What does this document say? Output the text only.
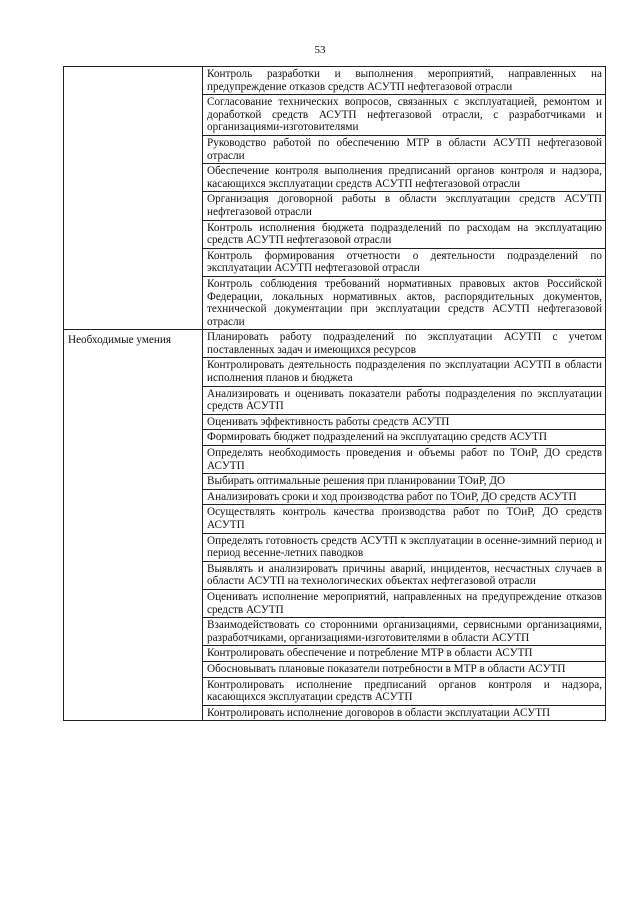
53
	Контроль разработки и выполнения мероприятий, направленных на предупреждение отказов средств АСУТП нефтегазовой отрасли
	Согласование технических вопросов, связанных с эксплуатацией, ремонтом и доработкой средств АСУТП нефтегазовой отрасли, с разработчиками и организациями-изготовителями
	Руководство работой по обеспечению МТР в области АСУТП нефтегазовой отрасли
	Обеспечение контроля выполнения предписаний органов контроля и надзора, касающихся эксплуатации средств АСУТП нефтегазовой отрасли
	Организация договорной работы в области эксплуатации средств АСУТП нефтегазовой отрасли
	Контроль исполнения бюджета подразделений по расходам на эксплуатацию средств АСУТП нефтегазовой отрасли
	Контроль формирования отчетности о деятельности подразделений по эксплуатации АСУТП нефтегазовой отрасли
	Контроль соблюдения требований нормативных правовых актов Российской Федерации, локальных нормативных актов, распорядительных документов, технической документации при эксплуатации средств АСУТП нефтегазовой отрасли

Необходимые умения	Планировать работу подразделений по эксплуатации АСУТП с учетом поставленных задач и имеющихся ресурсов
	Контролировать деятельность подразделения по эксплуатации АСУТП в области исполнения планов и бюджета
	Анализировать и оценивать показатели работы подразделения по эксплуатации средств АСУТП
	Оценивать эффективность работы средств АСУТП
	Формировать бюджет подразделений на эксплуатацию средств АСУТП
	Определять необходимость проведения и объемы работ по ТОиР, ДО средств АСУТП
	Выбирать оптимальные решения при планировании ТОиР, ДО
	Анализировать сроки и ход производства работ по ТОиР, ДО средств АСУТП
	Осуществлять контроль качества производства работ по ТОиР, ДО средств АСУТП
	Определять готовность средств АСУТП к эксплуатации в осенне-зимний период и период весенне-летних паводков
	Выявлять и анализировать причины аварий, инцидентов, несчастных случаев в области АСУТП на технологических объектах нефтегазовой отрасли
	Оценивать исполнение мероприятий, направленных на предупреждение отказов средств АСУТП
	Взаимодействовать со сторонними организациями, сервисными организациями, разработчиками, организациями-изготовителями в области АСУТП
	Контролировать обеспечение и потребление МТР в области АСУТП
	Обосновывать плановые показатели потребности в МТР в области АСУТП
	Контролировать исполнение предписаний органов контроля и надзора, касающихся эксплуатации средств АСУТП
	Контролировать исполнение договоров в области эксплуатации АСУТП
